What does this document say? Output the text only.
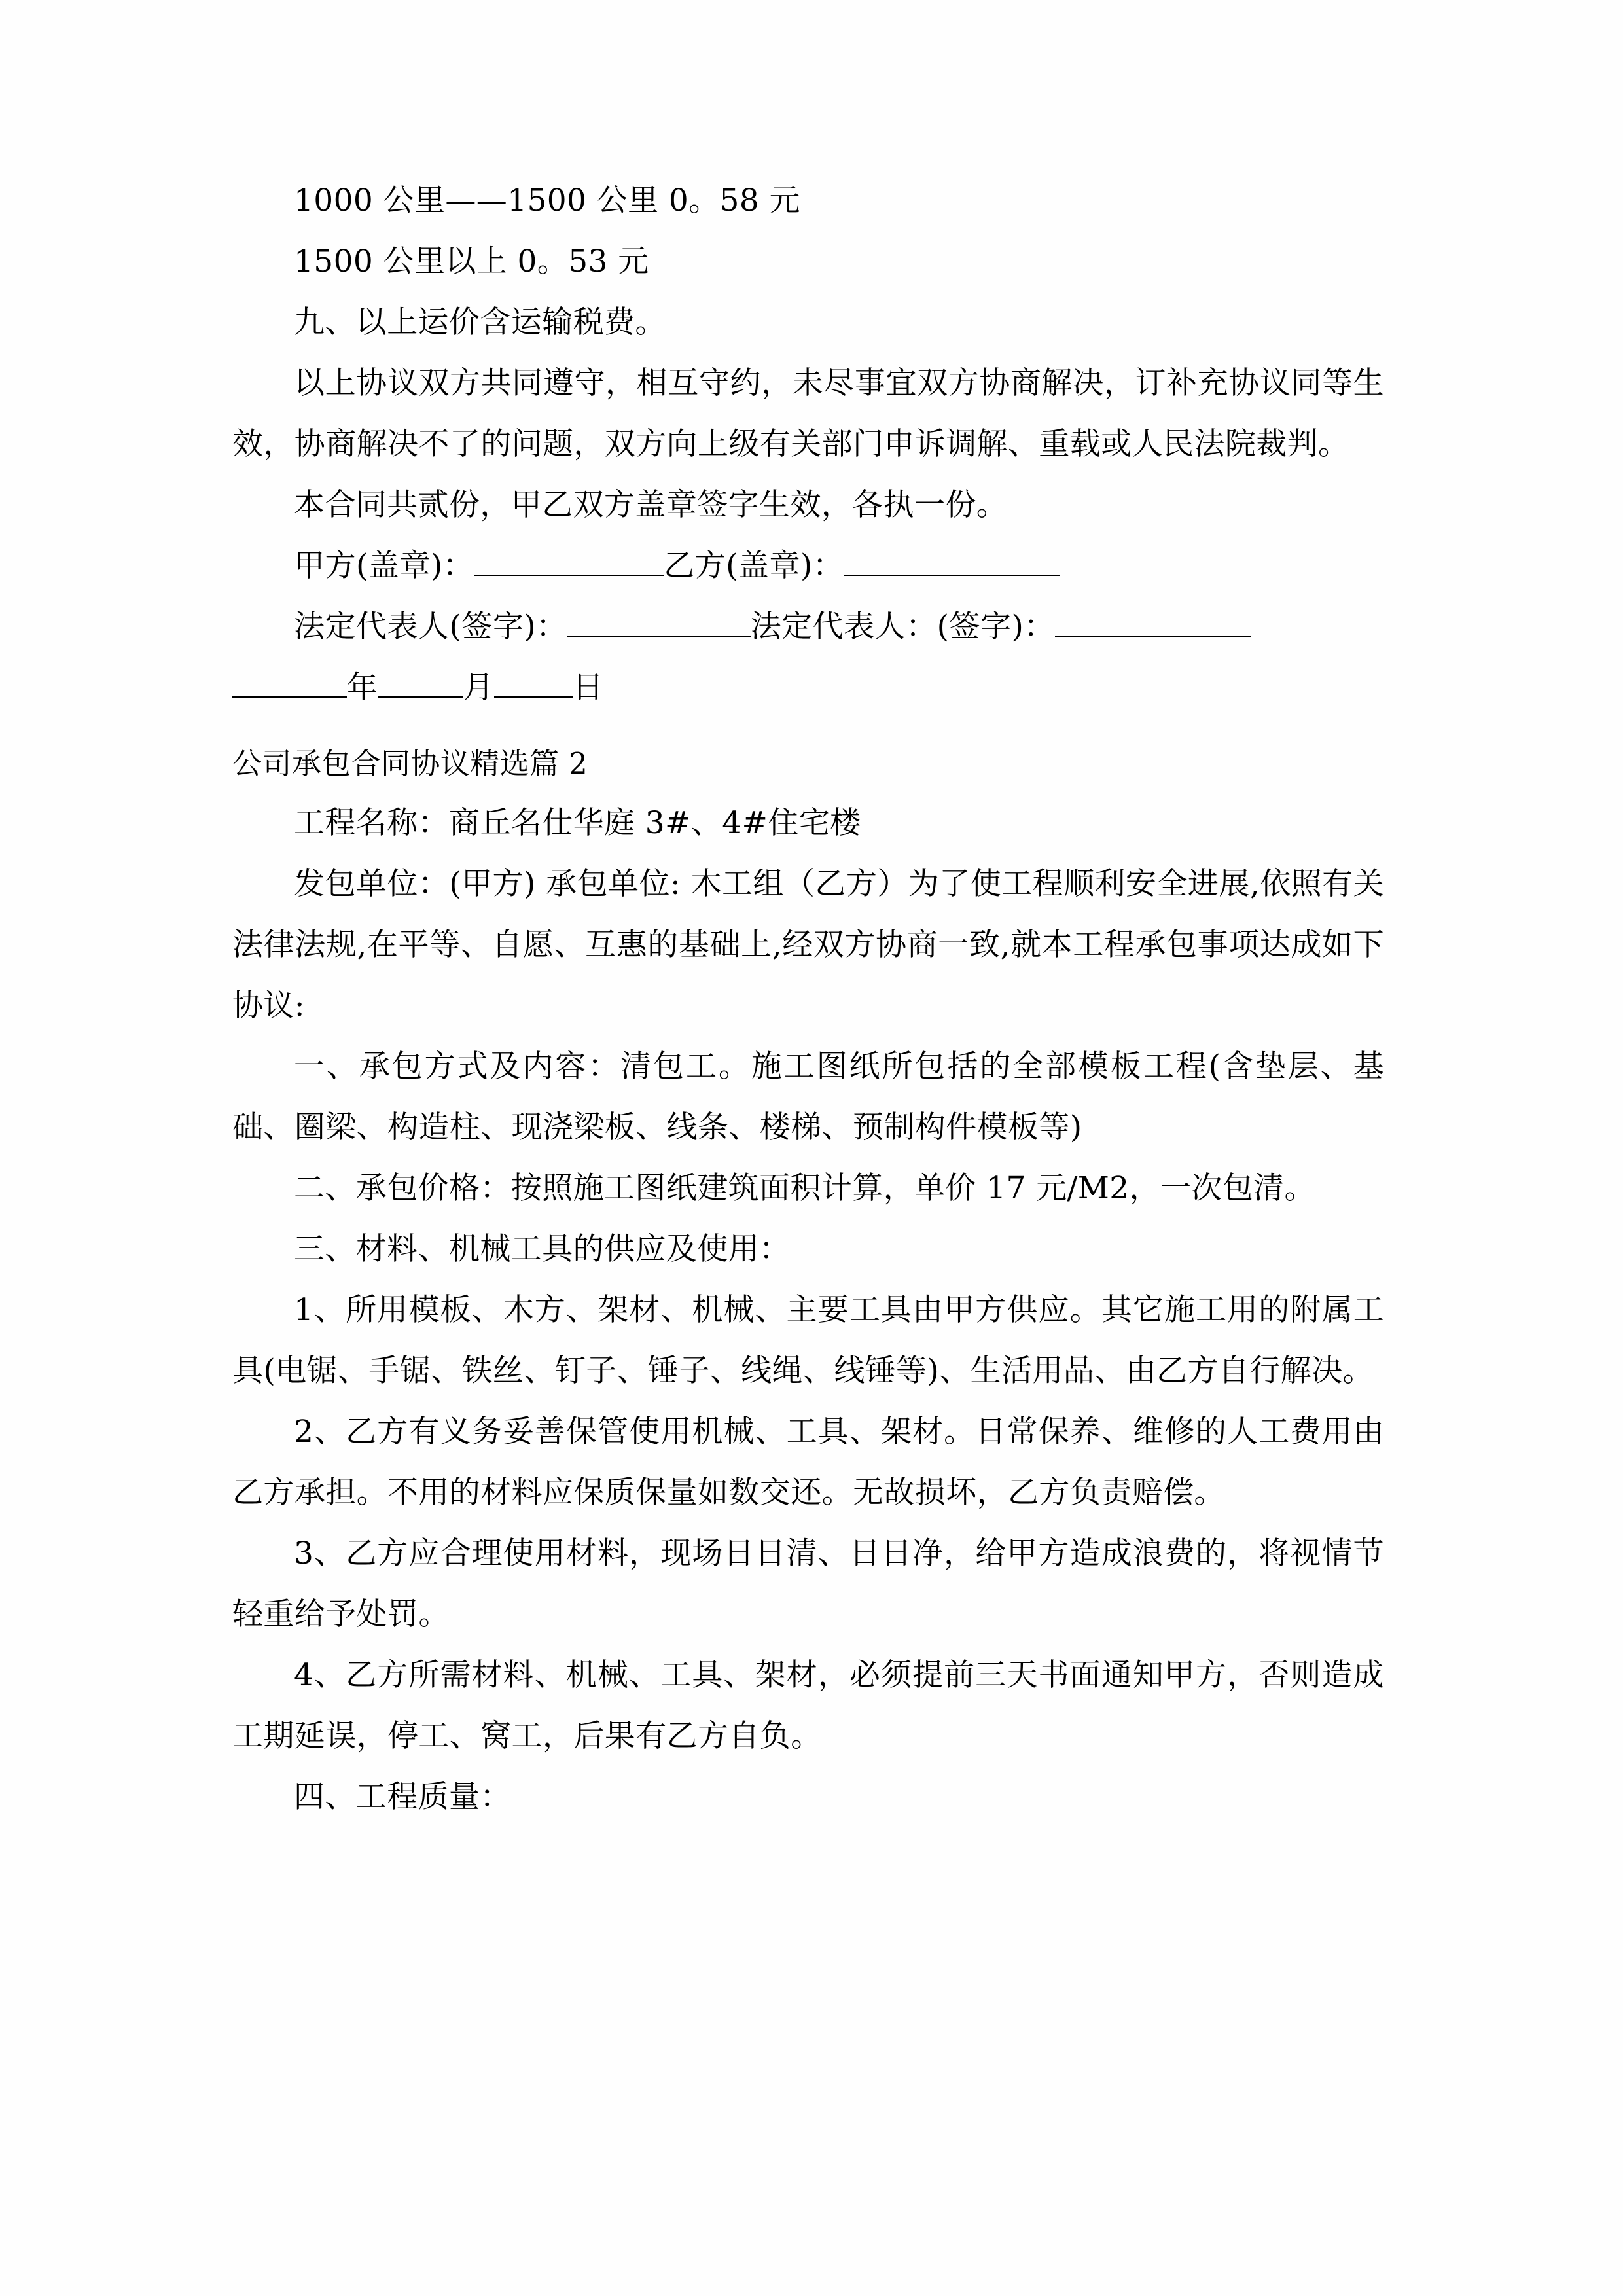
1000 公里——1500 公里 0。58 元

1500 公里以上 0。53 元

九、以上运价含运输税费。

以上协议双方共同遵守，相互守约，未尽事宜双方协商解决，订补充协议同等生效，协商解决不了的问题，双方向上级有关部门申诉调解、重载或人民法院裁判。

本合同共贰份，甲乙双方盖章签字生效，各执一份。

甲方(盖章)：	乙方(盖章)：

法定代表人(签字)：	法定代表人：(签字)：

年	月	日

公司承包合同协议精选篇 2

工程名称：商丘名仕华庭 3#、4#住宅楼

发包单位：(甲方) 承包单位: 木工组（乙方）为了使工程顺利安全进展,依照有关法律法规,在平等、自愿、互惠的基础上,经双方协商一致,就本工程承包事项达成如下协议:

一、承包方式及内容：清包工。施工图纸所包括的全部模板工程(含垫层、基础、圈梁、构造柱、现浇梁板、线条、楼梯、预制构件模板等)

二、承包价格：按照施工图纸建筑面积计算，单价 17 元/M2，一次包清。

三、材料、机械工具的供应及使用：

1、所用模板、木方、架材、机械、主要工具由甲方供应。其它施工用的附属工具(电锯、手锯、铁丝、钉子、锤子、线绳、线锤等)、生活用品、由乙方自行解决。

2、乙方有义务妥善保管使用机械、工具、架材。日常保养、维修的人工费用由乙方承担。不用的材料应保质保量如数交还。无故损坏，乙方负责赔偿。

3、乙方应合理使用材料，现场日日清、日日净，给甲方造成浪费的，将视情节轻重给予处罚。

4、乙方所需材料、机械、工具、架材，必须提前三天书面通知甲方，否则造成工期延误，停工、窝工，后果有乙方自负。

四、工程质量：
